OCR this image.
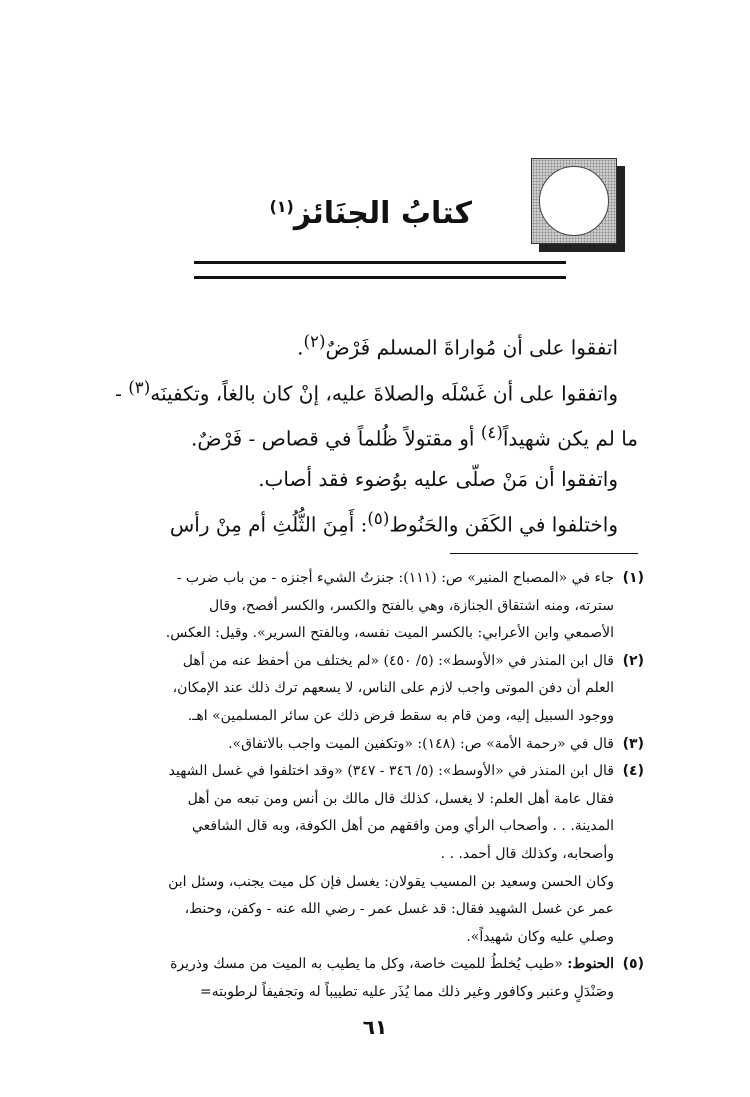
كتابُ الجنَائز$^{(١)}$

اتفقوا على أن مُواراةَ المسلم فَرْضٌ$^{(٢)}$.

واتفقوا على أن غَسْلَه والصلاةَ عليه، إنْ كان بالغاً، وتكفينَه$^{(٣)}$ -

ما لم يكن شهيداً$^{(٤)}$ أو مقتولاً ظُلماً في قصاص - فَرْضٌ.

واتفقوا أن مَنْ صلّى عليه بوُضوء فقد أصاب.

واختلفوا في الكَفَن والحَنُوط$^{(٥)}$: أَمِنَ الثُّلُثِ أم مِنْ رأس

(١)
جاء في «المصباح المنير» ص: (١١١): جنزتُ الشيء أجنزه - من باب ضرب -
سترته، ومنه اشتقاق الجنازة، وهي بالفتح والكسر، والكسر أفصح، وقال
الأصمعي وابن الأعرابي: بالكسر الميت نفسه، وبالفتح السرير». وقيل: العكس.
(٢)
قال ابن المنذر في «الأوسط»: (٥/ ٤٥٠) «لم يختلف من أحفظ عنه من أهل
العلم أن دفن الموتى واجب لازم على الناس، لا يسعهم ترك ذلك عند الإمكان،
ووجود السبيل إليه، ومن قام به سقط فرض ذلك عن سائر المسلمين» اهـ.
(٣)
قال في «رحمة الأمة» ص: (١٤٨): «وتكفين الميت واجب بالاتفاق».
(٤)
قال ابن المنذر في «الأوسط»: (٥/ ٣٤٦ - ٣٤٧) «وقد اختلفوا في غسل الشهيد
فقال عامة أهل العلم: لا يغسل، كذلك قال مالك بن أنس ومن تبعه من أهل
المدينة. . . وأصحاب الرأي ومن وافقهم من أهل الكوفة، وبه قال الشافعي
وأصحابه، وكذلك قال أحمد. . .
وكان الحسن وسعيد بن المسيب يقولان: يغسل فإن كل ميت يجنب، وسئل ابن
عمر عن غسل الشهيد فقال: قد غسل عمر - رضي الله عنه - وكفن، وحنط،
وصلي عليه وكان شهيداً».
(٥)
الحنوط: «طيب يُخلطُ للميت خاصة، وكل ما يطيب به الميت من مسك وذريرة
وصَنْدَلٍ وعنبر وكافور وغير ذلك مما يُذَر عليه تطييباً له وتجفيفاً لرطوبته=
٦١
